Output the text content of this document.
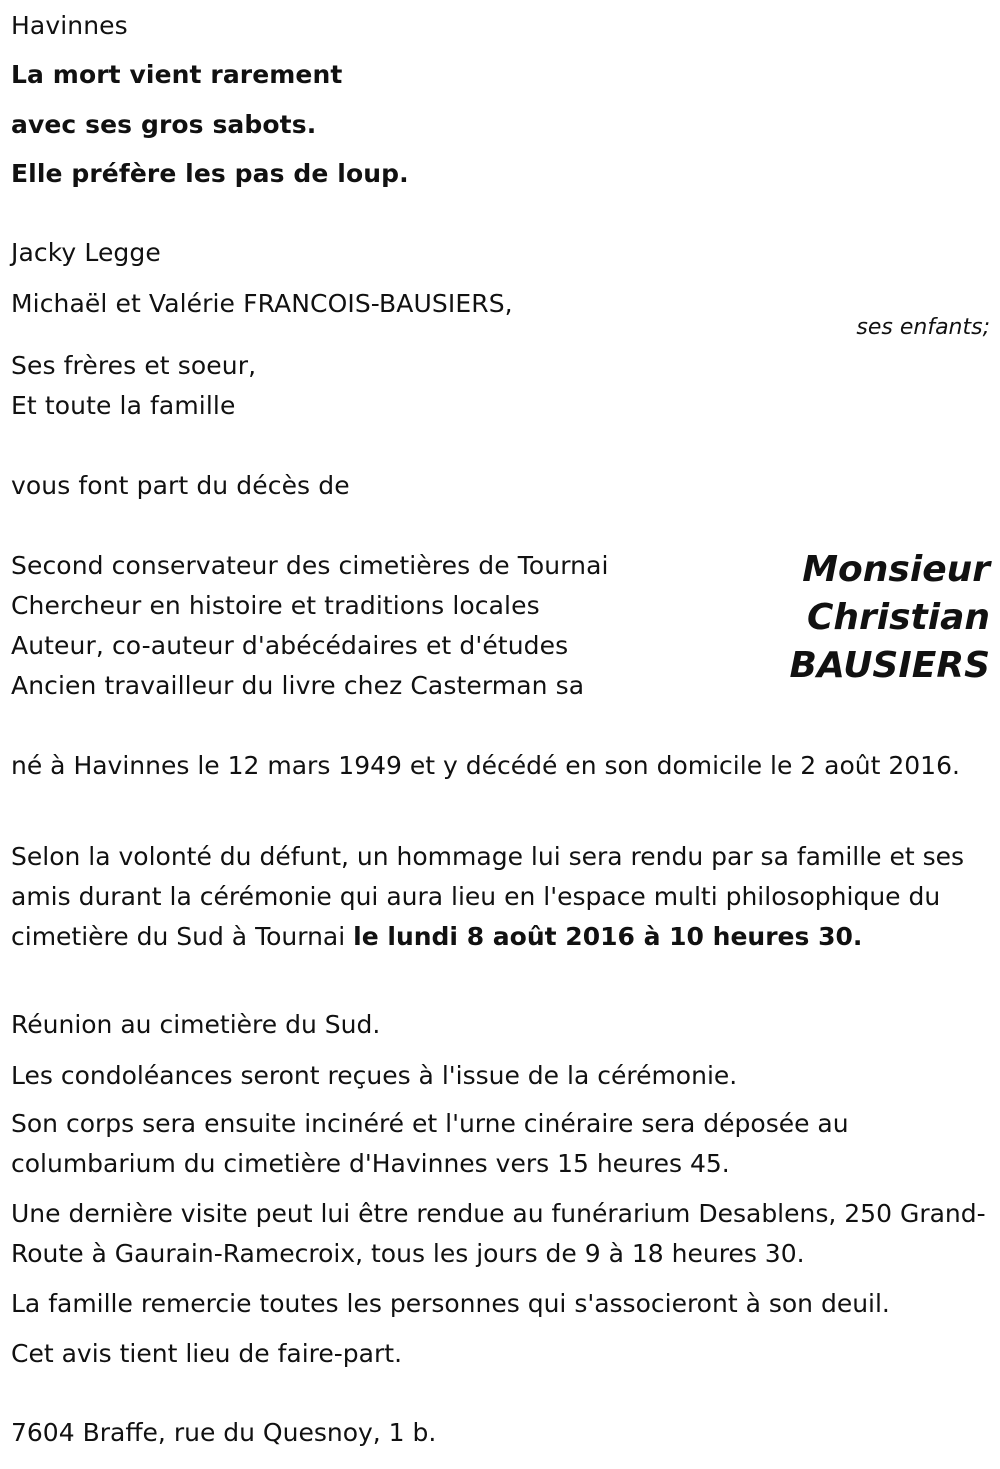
Havinnes
La mort vient rarement
avec ses gros sabots.
Elle préfère les pas de loup.
Jacky Legge
Michaël et Valérie FRANCOIS-BAUSIERS,
ses enfants;
Ses frères et soeur,
Et toute la famille
vous font part du décès de
Second conservateur des cimetières de Tournai
Chercheur en histoire et traditions locales
Auteur, co-auteur d'abécédaires et d'études
Ancien travailleur du livre chez Casterman sa
Monsieur
Christian
BAUSIERS
né à Havinnes le 12 mars 1949 et y décédé en son domicile le 2 août 2016.
Selon la volonté du défunt, un hommage lui sera rendu par sa famille et ses amis durant la cérémonie qui aura lieu en l'espace multi philosophique du cimetière du Sud à Tournai le lundi 8 août 2016 à 10 heures 30.
Réunion au cimetière du Sud.
Les condoléances seront reçues à l'issue de la cérémonie.
Son corps sera ensuite incinéré et l'urne cinéraire sera déposée au columbarium du cimetière d'Havinnes vers 15 heures 45.
Une dernière visite peut lui être rendue au funérarium Desablens, 250 Grand-Route à Gaurain-Ramecroix, tous les jours de 9 à 18 heures 30.
La famille remercie toutes les personnes qui s'associeront à son deuil.
Cet avis tient lieu de faire-part.
7604 Braffe, rue du Quesnoy, 1 b.
